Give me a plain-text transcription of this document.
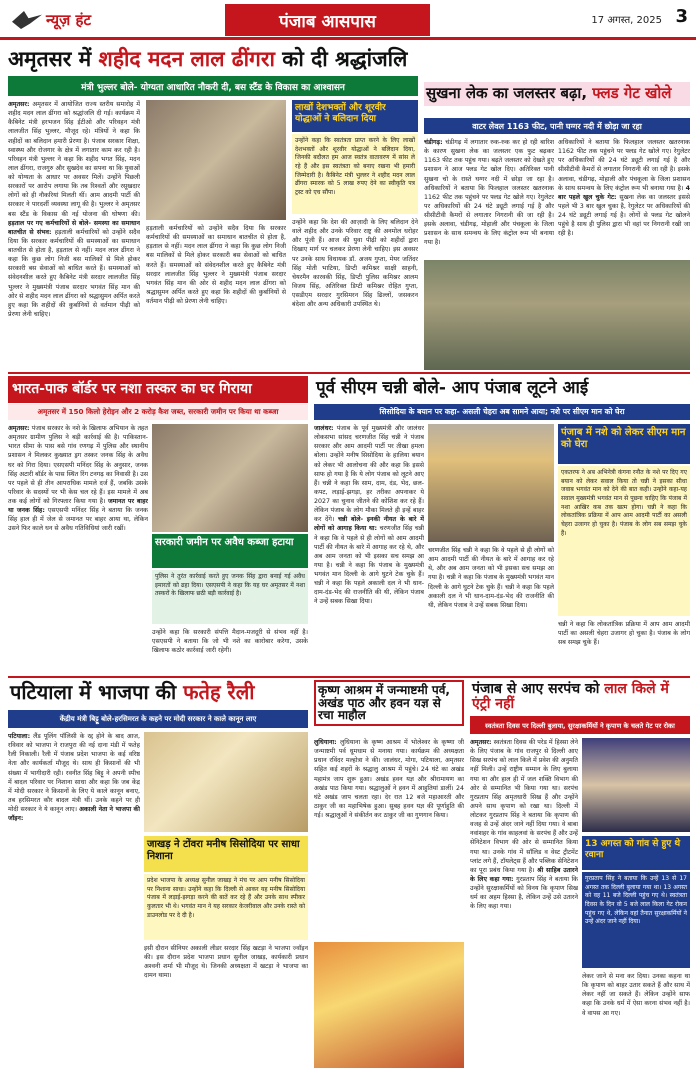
न्यूज़ हंट	पंजाब आसपास	17 अगस्त, 2025 3
अमृतसर में शहीद मदन लाल ढींगरा को दी श्रद्धांजलि
मंत्री भुल्लर बोले- योग्यता आधारित नौकरी दी, बस स्टैंड के विकास का आश्वासन
अमृतसर: अमृतसर में आयोजित राज्य स्तरीय समारोह में शहीद मदन लाल ढींगरा को श्रद्धांजलि दी गई। कार्यक्रम में कैबिनेट मंत्री हरभजन सिंह ईटीओ और परिवहन मंत्री लालजीत सिंह भुल्लर, मौजूद रहे। मंत्रियों ने कहा कि शहीदों का बलिदान हमारी प्रेरणा है। पंजाब सरकार शिक्षा, स्वास्थ्य और रोजगार के क्षेत्र में लगातार काम कर रही है। परिवहन मंत्री भुल्लर ने कहा कि शहीद भगत सिंह, मदन लाल ढींगरा, राजगुरु और सुखदेव का सपना था कि युवाओं को योग्यता के आधार पर अवसर मिलें। उन्होंने पिछली सरकारों पर आरोप लगाया कि तब रिश्वतों और रसूखदार लोगों को ही नौकरियां मिलती थीं। आम आदमी पार्टी की सरकार ने पारदर्शी व्यवस्था लागू की है। भुल्लर ने अमृतसर बस स्टैंड के विकास की नई योजना की घोषणा की। हड़ताल पर गए कर्मचारियों से बोले- समस्या का समाधान बातचीत से संभव: हड़ताली कर्मचारियों को उन्होंने सदैव दिया कि सरकार कर्मचारियों की समस्याओं का समाधान बातचीत से होता है, हड़ताल से नहीं। मदन लाल ढींगरा ने कहा कि कुछ लोग निजी बस मालिकों से मिले होकर सरकारी बस सेवाओं को बाधित करते हैं। समस्याओं को संवेदनशील करते हुए कैबिनेट मंत्री सरदार लालजीत सिंह भुल्लर ने मुख्यमंत्री पंजाब सरदार भगवंत सिंह मान की ओर से शहीद मदन लाल ढींगरा को श्रद्धासुमन अर्पित करते हुए कहा कि शहीदों की कुर्बानियों से वर्तमान पीढ़ी को प्रेरणा लेनी चाहिए।
हड़ताली कर्मचारियों को उन्होंने सदैव दिया कि सरकार कर्मचारियों की समस्याओं का समाधान बातचीत से होता है, हड़ताल से नहीं। मदन लाल ढींगरा ने कहा कि कुछ लोग निजी बस मालिकों से मिले होकर सरकारी बस सेवाओं को बाधित करते हैं। समस्याओं को संवेदनशील करते हुए कैबिनेट मंत्री सरदार लालजीत सिंह भुल्लर ने मुख्यमंत्री पंजाब सरदार भगवंत सिंह मान की ओर से शहीद मदन लाल ढींगरा को श्रद्धासुमन अर्पित करते हुए कहा कि शहीदों की कुर्बानियों से वर्तमान पीढ़ी को प्रेरणा लेनी चाहिए।
लाखों देशभक्तों और शूरवीर योद्धाओं ने बलिदान दिया
उन्होंने कहा कि स्वतंत्रता प्राप्त करने के लिए लाखों देशभक्तों और शूरवीर योद्धाओं ने बलिदान दिया, जिनकी बदौलत हम आज स्वतंत्र वातावरण में सांस ले रहे हैं और इस स्वतंत्रता को बनाए रखना भी हमारी जिम्मेदारी है। कैबिनेट मंत्री भुल्लर ने शहीद मदन लाल ढींगरा स्मारक को 5 लाख रुपए देने का स्वीकृति पत्र ट्रस्ट को एच सौंपा।
उन्होंने कहा कि देश की आज़ादी के लिए बलिदान देने वाले शहीद और उनके परिवार राष्ट्र की अनमोल धरोहर और पूंजी हैं। आज की युवा पीढ़ी को शहीदों द्वारा दिखाए मार्ग पर चलकर प्रेरणा लेनी चाहिए। इस अवसर पर उनके साथ विधायक डॉ. अजय गुप्ता, मेयर जतिंदर सिंह मोती भाटिया, डिप्टी कमिश्नर साक्षी साहनी, चेयरमैन कारवकी सिंह, डिप्टी पुलिस कमिश्नर आलम विजय सिंह, अतिरिक्त डिप्टी कमिश्नर रोहित गुप्ता, एसडीएम सरदार गुरसिमरन सिंह ढिल्लों, जसकरन बंदेशा और अन्य अधिकारी उपस्थित थे।
सुखना लेक का जलस्तर बढ़ा, फ्लड गेट खोले
वाटर लेवल 1163 फीट, पानी घग्गर नदी में छोड़ा जा रहा
चंडीगढ़: चंडीगढ़ में लगातार रुक-रुक कर हो रही बारिश के कारण सुखना लेक का जलस्तर एक फुट बढ़कर 1163 फीट तक पहुंच गया। बढ़ते जलस्तर को देखते हुए प्रशासन ने आज फ्लड गेट खोल दिए। अतिरिक्त पानी सुखना चो के रास्ते घग्गर नदी में छोड़ा जा रहा है। अधिकारियों ने बताया कि फिलहाल जलस्तर खतरनाक 1162 फीट तक पहुंचने पर फ्लड गेट खोले गए। रेगुलेटर पर अधिकारियों की 24 घंटे ड्यूटी लगाई गई है और सीसीटीवी कैमरों से लगातार निगरानी की जा रही है। इसके अलावा, चंडीगढ़, मोहाली और पंचकूला के जिला प्रशासन के साथ समन्वय के लिए कंट्रोल रूम भी बनाया गया है।
अधिकारियों ने बताया कि फिलहाल जलस्तर खतरनाक 1162 फीट तक पहुंचने पर फ्लड गेट खोले गए। रेगुलेटर पर अधिकारियों की 24 घंटे ड्यूटी लगाई गई है और सीसीटीवी कैमरों से लगातार निगरानी की जा रही है। इसके अलावा, चंडीगढ़, मोहाली और पंचकूला के जिला प्रशासन के साथ समन्वय के लिए कंट्रोल रूम भी बनाया गया है। 4 बार पहले खुल चुके गेट: सुखना लेक का जलस्तर इससे पहले भी 3 बार खुल चुका है, रेगुलेटर पर अधिकारियों की 24 घंटे ड्यूटी लगाई गई है। लोगों से फ्लड गेट खोलने पहुंचे है साथ ही पुलिस द्वारा भी वहां पर निगरानी रखी जा रही है।
भारत-पाक बॉर्डर पर नशा तस्कर का घर गिराया
अमृतसर में 150 किलो हेरोइन और 2 करोड़ कैश जब्त, सरकारी जमीन पर किया था कब्जा
अमृतसर: पंजाब सरकार के नशे के खिलाफ अभियान के तहत अमृतसर ग्रामीण पुलिस ने बड़ी कार्रवाई की है। पाकिस्तान-भारत सीमा के पास बसे गांव रणगढ़ में पुलिस और स्थानीय प्रशासन ने मिलकर कुख्यात ड्रग तस्कर जनक सिंह के अवैध घर को गिरा दिया। एसएसपी मनिंदर सिंह के अनुसार, जनक सिंह अटारी बॉर्डर के पास स्थित रिंग टनगढ़ का निवासी है। उस पर पहले से ही तीन आपराधिक मामले दर्ज हैं, जबकि उसके परिवार के सदस्यों पर भी केस चल रहे हैं। इस मामले में अब तक कई लोगों को गिरफ्तार किया गया है। जमानत पर बाहर था जनक सिंह: एसएसपी मनिंदर सिंह ने बताया कि जनक सिंह हाल ही में जेल से जमानत पर बाहर आया था, लेकिन उसने फिर काले धन से अवैध गतिविधियां जारी रखीं।
सरकारी जमीन पर अवैध कब्जा हटाया
पुलिस ने तुरंत कार्रवाई करते हुए जनक सिंह द्वारा बनाई गई अवैध इमारतों को ढहा दिया। एसएसपी ने कहा कि यह घर अमृतसर में नशा तस्करों के खिलाफ छठी बड़ी कार्रवाई है।
उन्होंने कहा कि सरकारी संपत्ति मैदान-मजदूरी से संभव नहीं है। एसएसपी ने बताया कि जो भी नशे का कारोबार करेगा, उसके खिलाफ कठोर कार्रवाई जारी रहेगी।
पूर्व सीएम चन्नी बोले- आप पंजाब लूटने आई
सिसोदिया के बयान पर कहा- असली चेहरा अब सामने आया; नशे पर सीएम मान को घेरा
जालंधर: पंजाब के पूर्व मुख्यमंत्री और जालंधर लोकसभा सांसद चरणजीत सिंह चन्नी ने पंजाब सरकार और आम आदमी पार्टी पर तीखा हमला बोला। उन्होंने मनीष सिसोदिया के हालिया बयान को लेकर भी आलोचना की और कहा कि इससे साफ हो गया है कि ये लोग पंजाब को लूटने आए हैं। चन्नी ने कहा कि साम, दाम, दंड, भेद, छल-कपट, लड़ाई-झगड़ा, हर तरीका अपनाकर ये 2027 का चुनाव जीतने की कोशिश कर रहे हैं। लेकिन पंजाब के लोग मौका मिलते ही इन्हें बाहर कर देंगे। चन्नी बोले- इनकी नीयत के बारे में लोगों को आगाह किया था: चरणजीत सिंह चन्नी ने कहा कि वे पहले से ही लोगों को आम आदमी पार्टी की नीयत के बारे में आगाह कर रहे थे, और अब आम जनता को भी इसका सच समझ आ गया है। चन्नी ने कहा कि पंजाब के मुख्यमंत्री भगवंत मान दिल्ली के आगे घुटने टेक चुके हैं। चन्नी ने कहा कि पहले अकाली दल ने भी धान-दाम-दंड-भेद की राजनीति की थी, लेकिन पंजाब ने उन्हें सबक सिखा दिया।
चरणजीत सिंह चन्नी ने कहा कि वे पहले से ही लोगों को आम आदमी पार्टी की नीयत के बारे में आगाह कर रहे थे, और अब आम जनता को भी इसका सच समझ आ गया है। चन्नी ने कहा कि पंजाब के मुख्यमंत्री भगवंत मान दिल्ली के आगे घुटने टेक चुके हैं। चन्नी ने कहा कि पहले अकाली दल ने भी धान-दाम-दंड-भेद की राजनीति की थी, लेकिन पंजाब ने उन्हें सबक सिखा दिया।
पंजाब में नशे को लेकर सीएम मान को घेरा
एकतरफ ने अब अभिनेत्री कंगना रनौत के नशे पर दिए गए बयान को लेकर सवाल किया तो चन्नी ने इसका सीधा जवाब भगवंत मान को देने की बात कही। उन्होंने कहा-यह सवाल मुख्यमंत्री भगवंत मान से पूछना चाहिए कि पंजाब में नशा आखिर कब तक खत्म होगा। चन्नी ने कहा कि लोकतांत्रिक प्रक्रिया में आप आम आदमी पार्टी का असली चेहरा उजागर हो चुका है। पंजाब के लोग सब समझ चुके हैं।
चन्नी ने कहा कि लोकतांत्रिक प्रक्रिया में आप आम आदमी पार्टी का असली चेहरा उजागर हो चुका है। पंजाब के लोग सब समझ चुके हैं।
पटियाला में भाजपा की फतेह रैली
केंद्रीय मंत्री बिट्टू बोले-हरसिमरत के कहने पर मोदी सरकार ने काले कानून लाए
पटियाला: लैंड पूलिंग पॉलिसी के रद्द होने के बाद आज, रविवार को भाजपा ने राजपुरा की नई दाना मंडी में फतेह रैली निकाली। रैली में पंजाब प्रदेश भाजपा के कई वरिष्ठ नेता और कार्यकर्ता मौजूद थे। साथ ही किसानों की भी संख्या में भागीदारी रही। रवनीत सिंह बिट्टू ने अपनी स्पीच में बादल परिवार पर निशाना साधा और कहा कि जब केंद्र में मोदी सरकार ने किसानों के लिए ये काले कानून बनाए, तब हरसिमरत कौर बादल मंत्री थीं। उनके कहने पर ही मोदी सरकार ने ये कानून लाए। अकाली नेता ने भाजपा की जॉइन:
जाखड़ ने टोंवरा मनीष सिसोदिया पर साधा निशाना
प्रदेश भाजपा के अध्यक्ष सुनील जाखड़ ने मंच पर आप मनीष सिसोदिया पर निशाना साधा। उन्होंने कहा कि दिल्ली से आकर यह मनीष सिसोदिया पंजाब में लड़ाई-झगड़ा करने की बातें कर रहे हैं और उनके साथ स्पीकर कुलतार भी थे। भगवंत मान ने यह सरकार केजरीवाल और उनके रास्ते को डाउनलोड पर दे दी है।
इसी दौरान सीनियर अकाली लीडर सरदार सिंह खटड़ा ने भाजपा ज्वॉइन की। इस दौरान प्रदेश भाजपा प्रधान सुनील जाखड़, कार्यकारी प्रधान अश्वनी शर्मा भी मौजूद थे। जिनकी अध्यक्षता में खटड़ा ने भाजपा का दामन थामा।
कृष्ण आश्रम में जन्माष्टमी पर्व, अखंड पाठ और हवन यज्ञ से रचा माहौल
लुधियाना: लुधियाना के कृष्ण आश्रम में भोलेश्वर के कृष्णा जी जन्माष्टमी पर्व धूमधाम से मनाया गया। कार्यक्रम की अध्यक्षता प्रधान रविंदर मल्होत्रा ने की। जालंधर, मोगा, पटियाला, अमृतसर सहित कई शहरों के श्रद्धालु आश्रम में पहुंचे। 24 घंटे का अखंड महामंत्र जाप शुरू हुआ। अखंड हवन यज्ञ और श्रीरामायण का अखंड पाठ किया गया। श्रद्धालुओं ने हवन में आहुतियां डालीं। 24 घंटे अखंड जाप चलता रहा। देर रात 12 बजे महाआरती और ठाकुर जी का महाभिषेक हुआ। सुबह हवन यज्ञ की पूर्णाहुति की गई। श्रद्धालुओं ने संकीर्तन कर ठाकुर जी का गुणगान किया।
पंजाब से आए सरपंच को लाल किले में एंट्री नहीं
स्वतंत्रता दिवस पर दिल्ली बुलाया, सुरक्षाकर्मियों ने कृपाण के चलते गेट पर रोका
अमृतसर: स्वतंत्रता दिवस की परेड में हिस्सा लेने के लिए पंजाब के गांव राजपुर से दिल्ली आए सिख सरपंच को लाल किले में प्रवेश की अनुमति नहीं मिली। उन्हें राष्ट्रीय सम्मान के लिए बुलाया गया था और हाल ही में जल शक्ति विभाग की ओर से सम्मानित भी किया गया था। सरपंच गुरप्रताप सिंह अमृतधारी सिख हैं और उन्होंने अपने साथ कृपाण को रखा था। दिल्ली में लोटकर गुरप्रताप सिंह ने बताया कि कृपाण की वजह से उन्हें अंदर जाने नहीं दिया गया। वे बाबा नवांशहर के गांव काहलवां के सरपंच हैं और उन्हें सेनिटेशन विभाग की ओर से सम्मानित किया गया था। उनके गांव में सॉलिड व वेस्ट ट्रीटमेंट प्लांट लगे हैं, टॉयलेट्स हैं और पब्लिक सेनिटेशन का पूरा प्रबंध किया गया है। श्री साहिब उतारने के लिए कहा गया: गुरप्रताप सिंह ने बताया कि उन्होंने सुरक्षाकर्मियों को विनय कि कृपाण सिख धर्म का अहम हिस्सा है, लेकिन उन्हें उसे उतारने के लिए कहा गया।
13 अगस्त को गांव से हुए थे रवाना
गुरप्रताप सिंह ने बताया कि उन्हें 13 से 17 अगस्त तक दिल्ली बुलाया गया था। 13 अगस्त को वह 11 बजे दिल्ली पहुंच गए थे। स्वतंत्रता दिवस के दिन वो 5 बजे लाल किला गेट रोकन पहुंच गए थे, लेकिन वहां तैनात सुरक्षाकर्मियों ने उन्हें अंदर जाने नहीं दिया।
लेकर जाने से मना कर दिया। उनका कहना था कि कृपाण को बाहर उतार सकते हैं और साथ में लेकर नहीं जा सकते हैं। लेकिन उन्होंने साफ कहा कि उनके धर्म में ऐसा करना संभव नहीं है। वे वापस आ गए।
